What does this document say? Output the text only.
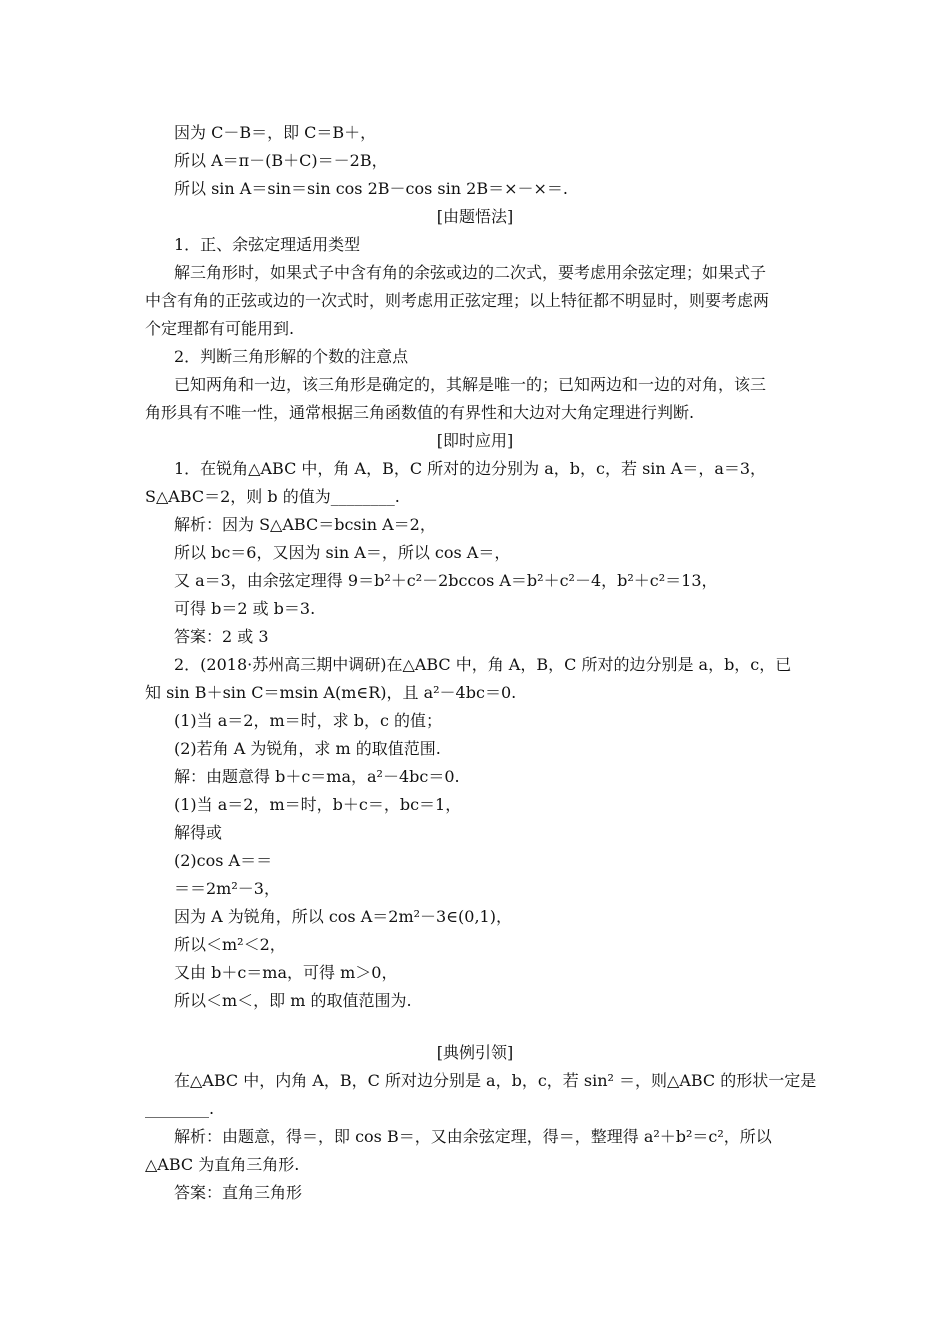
因为 C－B＝，即 C＝B＋，
所以 A＝π－(B＋C)＝－2B，
所以 sin A＝sin＝sin cos 2B－cos sin 2B＝×－×＝.
[由题悟法]
1．正、余弦定理适用类型
解三角形时，如果式子中含有角的余弦或边的二次式，要考虑用余弦定理；如果式子
中含有角的正弦或边的一次式时，则考虑用正弦定理；以上特征都不明显时，则要考虑两
个定理都有可能用到.
2．判断三角形解的个数的注意点
已知两角和一边，该三角形是确定的，其解是唯一的；已知两边和一边的对角，该三
角形具有不唯一性，通常根据三角函数值的有界性和大边对大角定理进行判断.
[即时应用]
1．在锐角△ABC 中，角 A，B，C 所对的边分别为 a，b，c，若 sin A＝，a＝3，
S△ABC＝2，则 b 的值为________.
解析：因为 S△ABC＝bcsin A＝2，
所以 bc＝6，又因为 sin A＝，所以 cos A＝，
又 a＝3，由余弦定理得 9＝b²＋c²－2bccos A＝b²＋c²－4，b²＋c²＝13，
可得 b＝2 或 b＝3.
答案：2 或 3
2．(2018·苏州高三期中调研)在△ABC 中，角 A，B，C 所对的边分别是 a，b，c，已
知 sin B＋sin C＝msin A(m∈R)，且 a²－4bc＝0.
(1)当 a＝2，m＝时，求 b，c 的值；
(2)若角 A 为锐角，求 m 的取值范围.
解：由题意得 b＋c＝ma，a²－4bc＝0.
(1)当 a＝2，m＝时，b＋c＝，bc＝1，
解得或
(2)cos A＝＝
＝＝2m²－3，
因为 A 为锐角，所以 cos A＝2m²－3∈(0,1)，
所以＜m²＜2，
又由 b＋c＝ma，可得 m＞0，
所以＜m＜，即 m 的取值范围为.
[典例引领]
在△ABC 中，内角 A，B，C 所对边分别是 a，b，c，若 sin² ＝，则△ABC 的形状一定是
________.
解析：由题意，得＝，即 cos B＝，又由余弦定理，得＝，整理得 a²＋b²＝c²，所以
△ABC 为直角三角形.
答案：直角三角形
